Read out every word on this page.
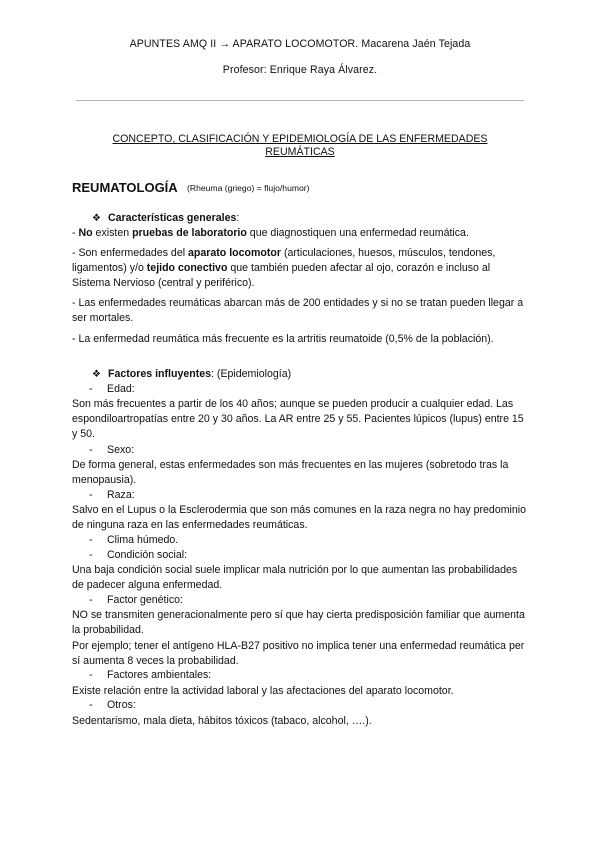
APUNTES AMQ II → APARATO LOCOMOTOR. Macarena Jaén Tejada
Profesor: Enrique Raya Álvarez.
CONCEPTO, CLASIFICACIÓN Y EPIDEMIOLOGÍA DE LAS ENFERMEDADES
REUMÁTICAS
REUMATOLOGÍA (Rheuma (griego) = flujo/humor)
❖ Características generales:

- No existen pruebas de laboratorio que diagnostiquen una enfermedad reumática.

- Son enfermedades del aparato locomotor (articulaciones, huesos, músculos, tendones, ligamentos) y/o tejido conectivo que también pueden afectar al ojo, corazón e incluso al Sistema Nervioso (central y periférico).

- Las enfermedades reumáticas abarcan más de 200 entidades y si no se tratan pueden llegar a ser mortales.

- La enfermedad reumática más frecuente es la artritis reumatoide (0,5% de la población).

❖ Factores influyentes: (Epidemiología)
- Edad:

Son más frecuentes a partir de los 40 años; aunque se pueden producir a cualquier edad. Las espondiloartropatías entre 20 y 30 años. La AR entre 25 y 55. Pacientes lúpicos (lupus) entre 15 y 50.

- Sexo:

De forma general, estas enfermedades son más frecuentes en las mujeres (sobretodo tras la menopausia).

- Raza:

Salvo en el Lupus o la Esclerodermia que son más comunes en la raza negra no hay predominio de ninguna raza en las enfermedades reumáticas.

- Clima húmedo.
- Condición social:

Una baja condición social suele implicar mala nutrición por lo que aumentan las probabilidades de padecer alguna enfermedad.

- Factor genético:

NO se transmiten generacionalmente pero sí que hay cierta predisposición familiar que aumenta la probabilidad.

Por ejemplo; tener el antígeno HLA-B27 positivo no implica tener una enfermedad reumática per sí aumenta 8 veces la probabilidad.

- Factores ambientales:

Existe relación entre la actividad laboral y las afectaciones del aparato locomotor.

- Otros:

Sedentarismo, mala dieta, hábitos tóxicos (tabaco, alcohol, ….).
